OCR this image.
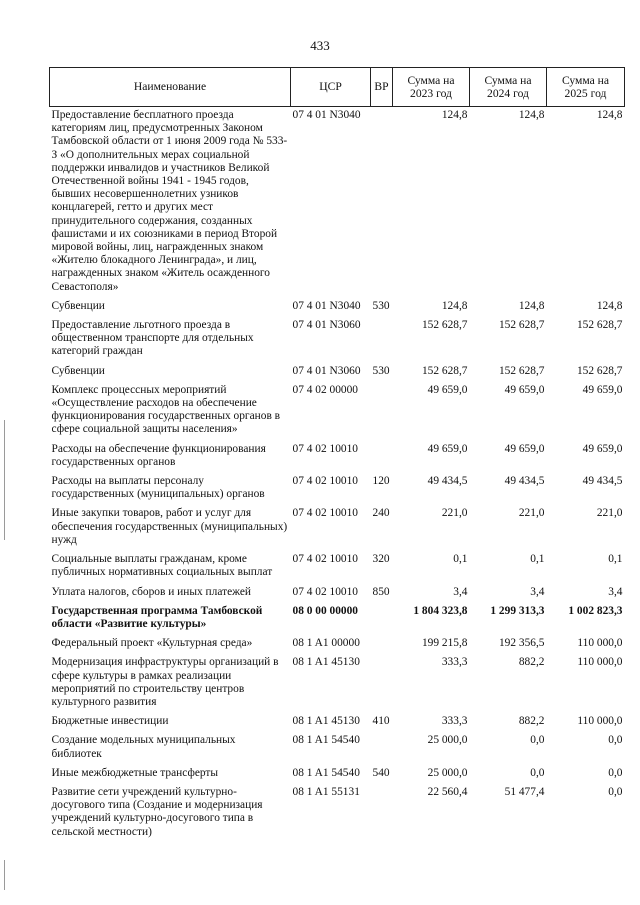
433
Наименование	ЦСР	ВР	Сумма на 2023 год	Сумма на 2024 год	Сумма на 2025 год
Предоставление бесплатного проезда категориям лиц, предусмотренных Законом Тамбовской области от 1 июня 2009 года № 533-З «О дополнительных мерах социальной поддержки инвалидов и участников Великой Отечественной войны 1941 - 1945 годов, бывших несовершеннолетних узников концлагерей, гетто и других мест принудительного содержания, созданных фашистами и их союзниками в период Второй мировой войны, лиц, награжденных знаком «Жителю блокадного Ленинграда», и лиц, награжденных знаком «Житель осажденного Севастополя»	07 4 01 N3040		124,8	124,8	124,8
Субвенции	07 4 01 N3040	530	124,8	124,8	124,8
Предоставление льготного проезда в общественном транспорте для отдельных категорий граждан	07 4 01 N3060		152 628,7	152 628,7	152 628,7
Субвенции	07 4 01 N3060	530	152 628,7	152 628,7	152 628,7
Комплекс процессных мероприятий «Осуществление расходов на обеспечение функционирования государственных органов в сфере социальной защиты населения»	07 4 02 00000		49 659,0	49 659,0	49 659,0
Расходы на обеспечение функционирования государственных органов	07 4 02 10010		49 659,0	49 659,0	49 659,0
Расходы на выплаты персоналу государственных (муниципальных) органов	07 4 02 10010	120	49 434,5	49 434,5	49 434,5
Иные закупки товаров, работ и услуг для обеспечения государственных (муниципальных) нужд	07 4 02 10010	240	221,0	221,0	221,0
Социальные выплаты гражданам, кроме публичных нормативных социальных выплат	07 4 02 10010	320	0,1	0,1	0,1
Уплата налогов, сборов и иных платежей	07 4 02 10010	850	3,4	3,4	3,4
Государственная программа Тамбовской области «Развитие культуры»	08 0 00 00000		1 804 323,8	1 299 313,3	1 002 823,3
Федеральный проект «Культурная среда»	08 1 A1 00000		199 215,8	192 356,5	110 000,0
Модернизация инфраструктуры организаций в сфере культуры в рамках реализации мероприятий по строительству центров культурного развития	08 1 A1 45130		333,3	882,2	110 000,0
Бюджетные инвестиции	08 1 A1 45130	410	333,3	882,2	110 000,0
Создание модельных муниципальных библиотек	08 1 A1 54540		25 000,0	0,0	0,0
Иные межбюджетные трансферты	08 1 A1 54540	540	25 000,0	0,0	0,0
Развитие сети учреждений культурно-досугового типа (Создание и модернизация учреждений культурно-досугового типа в сельской местности)	08 1 A1 55131		22 560,4	51 477,4	0,0
